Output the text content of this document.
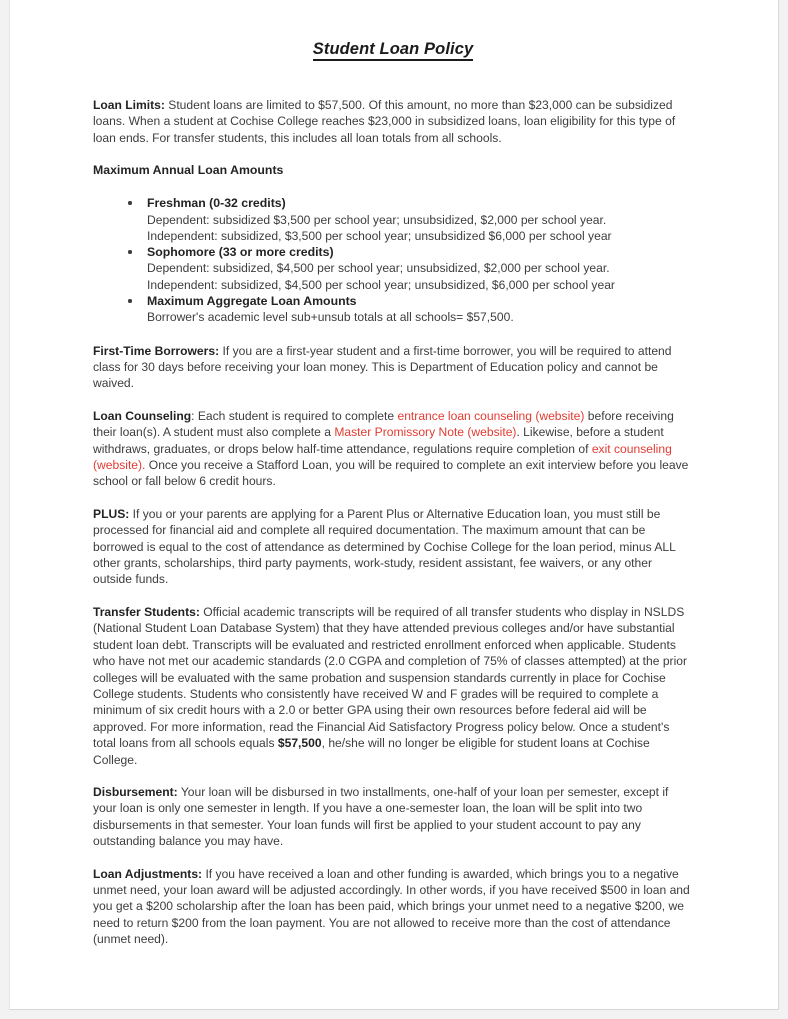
Student Loan Policy

Loan Limits: Student loans are limited to $57,500. Of this amount, no more than $23,000 can be subsidized loans. When a student at Cochise College reaches $23,000 in subsidized loans, loan eligibility for this type of loan ends. For transfer students, this includes all loan totals from all schools.

Maximum Annual Loan Amounts
Freshman (0-32 credits)
Dependent: subsidized $3,500 per school year; unsubsidized, $2,000 per school year.
Independent: subsidized, $3,500 per school year; unsubsidized $6,000 per school year
Sophomore (33 or more credits)
Dependent: subsidized, $4,500 per school year; unsubsidized, $2,000 per school year.
Independent: subsidized, $4,500 per school year; unsubsidized, $6,000 per school year
Maximum Aggregate Loan Amounts
Borrower's academic level sub+unsub totals at all schools= $57,500.

First-Time Borrowers: If you are a first-year student and a first-time borrower, you will be required to attend class for 30 days before receiving your loan money. This is Department of Education policy and cannot be waived.

Loan Counseling: Each student is required to complete entrance loan counseling (website) before receiving their loan(s). A student must also complete a Master Promissory Note (website). Likewise, before a student withdraws, graduates, or drops below half-time attendance, regulations require completion of exit counseling (website). Once you receive a Stafford Loan, you will be required to complete an exit interview before you leave school or fall below 6 credit hours.

PLUS: If you or your parents are applying for a Parent Plus or Alternative Education loan, you must still be processed for financial aid and complete all required documentation. The maximum amount that can be borrowed is equal to the cost of attendance as determined by Cochise College for the loan period, minus ALL other grants, scholarships, third party payments, work-study, resident assistant, fee waivers, or any other outside funds.

Transfer Students: Official academic transcripts will be required of all transfer students who display in NSLDS (National Student Loan Database System) that they have attended previous colleges and/or have substantial student loan debt. Transcripts will be evaluated and restricted enrollment enforced when applicable. Students who have not met our academic standards (2.0 CGPA and completion of 75% of classes attempted) at the prior colleges will be evaluated with the same probation and suspension standards currently in place for Cochise College students. Students who consistently have received W and F grades will be required to complete a minimum of six credit hours with a 2.0 or better GPA using their own resources before federal aid will be approved. For more information, read the Financial Aid Satisfactory Progress policy below. Once a student's total loans from all schools equals $57,500, he/she will no longer be eligible for student loans at Cochise College.

Disbursement: Your loan will be disbursed in two installments, one-half of your loan per semester, except if your loan is only one semester in length. If you have a one-semester loan, the loan will be split into two disbursements in that semester. Your loan funds will first be applied to your student account to pay any outstanding balance you may have.

Loan Adjustments: If you have received a loan and other funding is awarded, which brings you to a negative unmet need, your loan award will be adjusted accordingly. In other words, if you have received $500 in loan and you get a $200 scholarship after the loan has been paid, which brings your unmet need to a negative $200, we need to return $200 from the loan payment. You are not allowed to receive more than the cost of attendance (unmet need).
